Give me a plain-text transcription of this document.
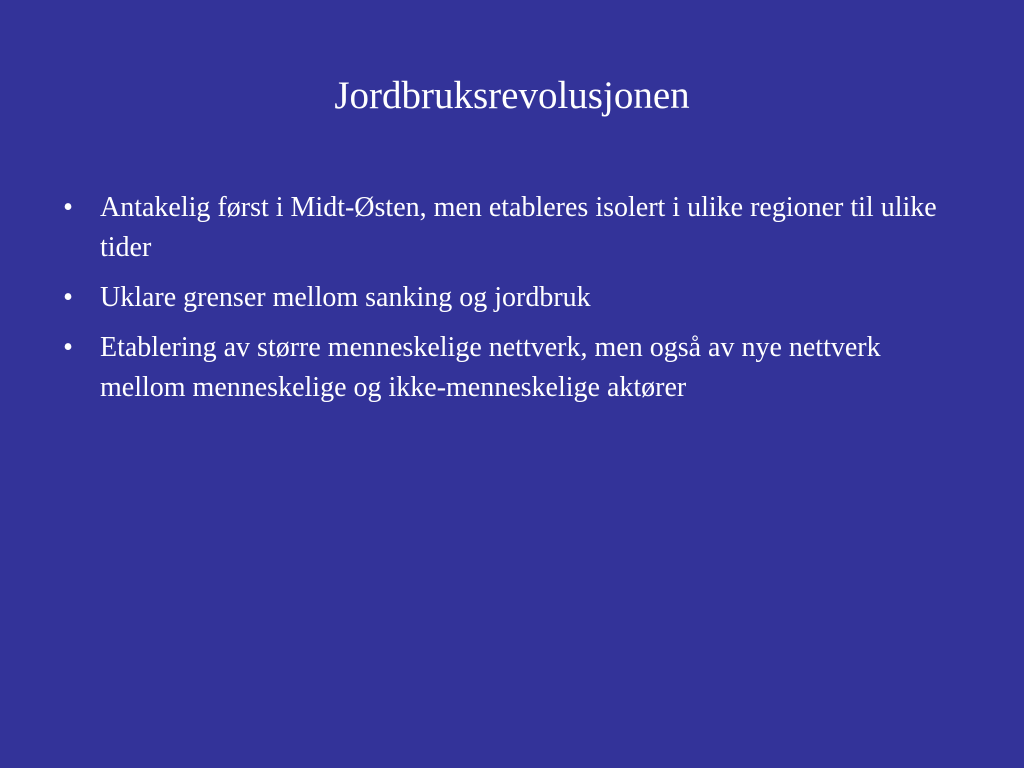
Jordbruksrevolusjonen
• Antakelig først i Midt-Østen, men etableres isolert i ulike regioner til ulike tider
• Uklare grenser mellom sanking og jordbruk
• Etablering av større menneskelige nettverk, men også av nye nettverk mellom menneskelige og ikke-menneskelige aktører
